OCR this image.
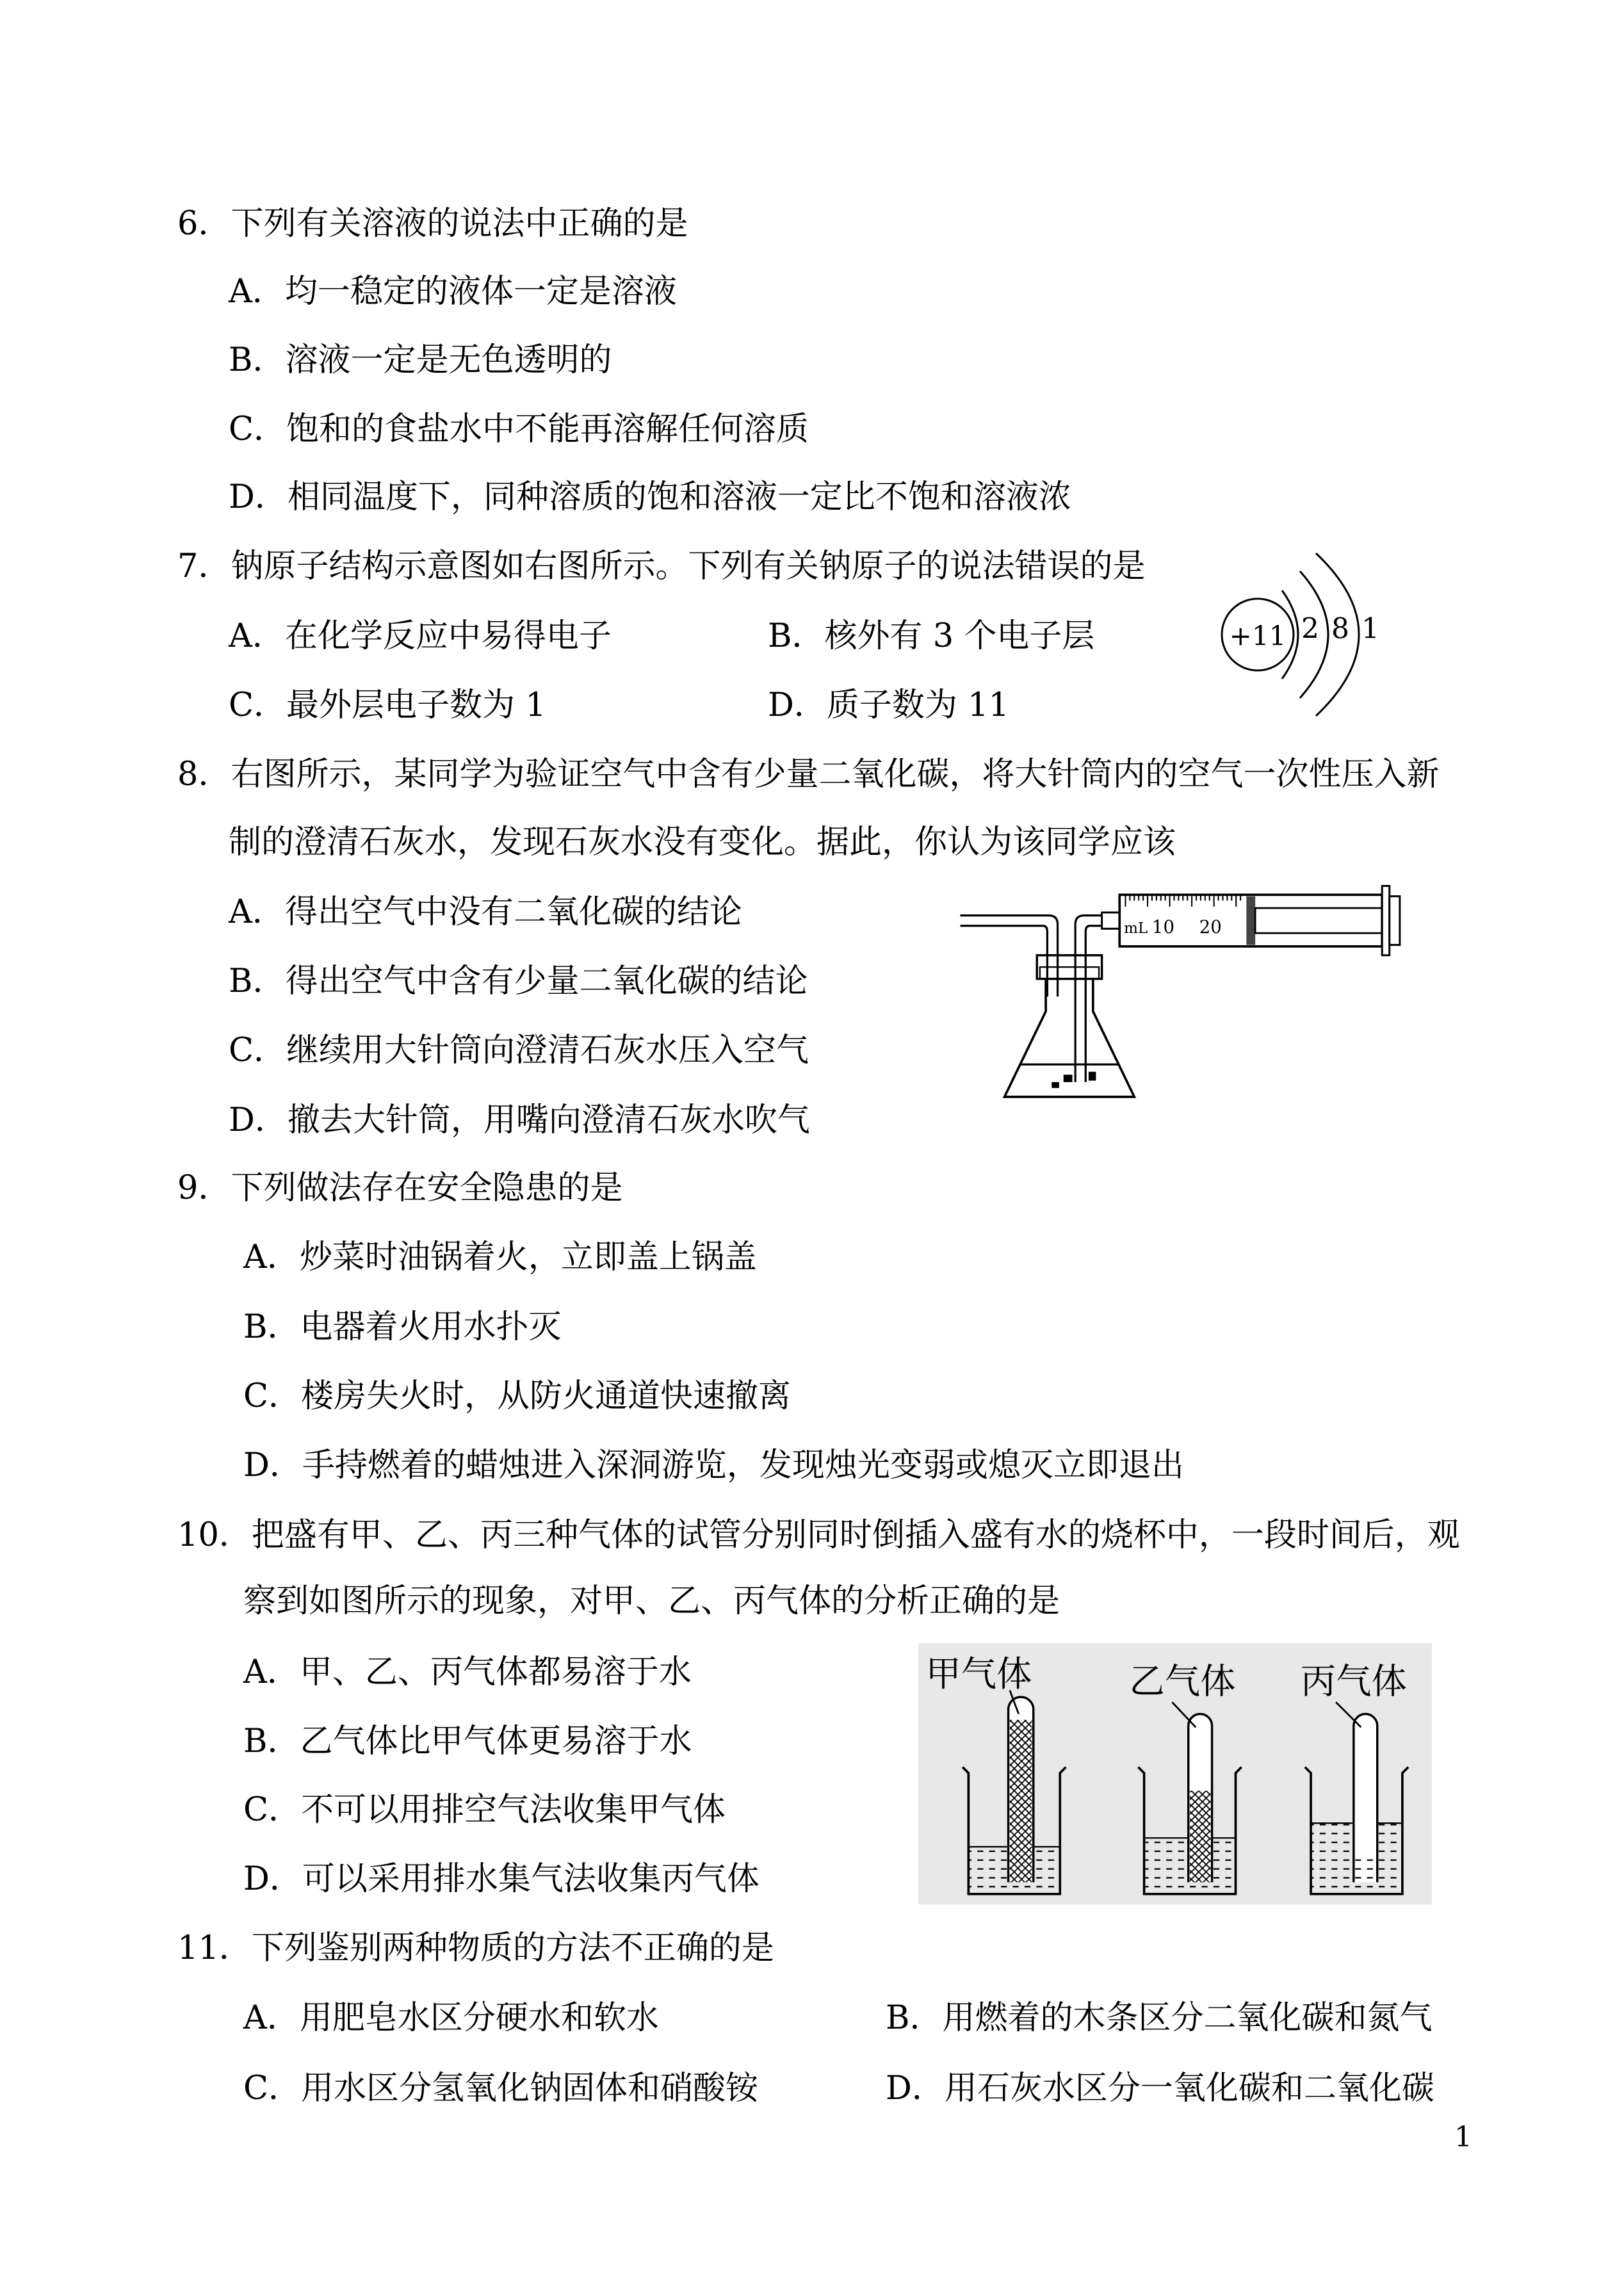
6．下列有关溶液的说法中正确的是
A．均一稳定的液体一定是溶液
B．溶液一定是无色透明的
C．饱和的食盐水中不能再溶解任何溶质
D．相同温度下，同种溶质的饱和溶液一定比不饱和溶液浓
7．钠原子结构示意图如右图所示。下列有关钠原子的说法错误的是
A．在化学反应中易得电子	B．核外有 3 个电子层
C．最外层电子数为 1	D．质子数为 11
+11 2 8 1
8．右图所示，某同学为验证空气中含有少量二氧化碳，将大针筒内的空气一次性压入新
制的澄清石灰水，发现石灰水没有变化。据此，你认为该同学应该
A．得出空气中没有二氧化碳的结论
B．得出空气中含有少量二氧化碳的结论
C．继续用大针筒向澄清石灰水压入空气
D．撤去大针筒，用嘴向澄清石灰水吹气
mL 10	20
9．下列做法存在安全隐患的是
A．炒菜时油锅着火，立即盖上锅盖
B．电器着火用水扑灭
C．楼房失火时，从防火通道快速撤离
D．手持燃着的蜡烛进入深洞游览，发现烛光变弱或熄灭立即退出
10．把盛有甲、乙、丙三种气体的试管分别同时倒插入盛有水的烧杯中，一段时间后，观
察到如图所示的现象，对甲、乙、丙气体的分析正确的是
A．甲、乙、丙气体都易溶于水
B．乙气体比甲气体更易溶于水
C．不可以用排空气法收集甲气体
D．可以采用排水集气法收集丙气体
甲气体	乙气体	丙气体
11．下列鉴别两种物质的方法不正确的是
A．用肥皂水区分硬水和软水	B．用燃着的木条区分二氧化碳和氮气
C．用水区分氢氧化钠固体和硝酸铵	D．用石灰水区分一氧化碳和二氧化碳
1
